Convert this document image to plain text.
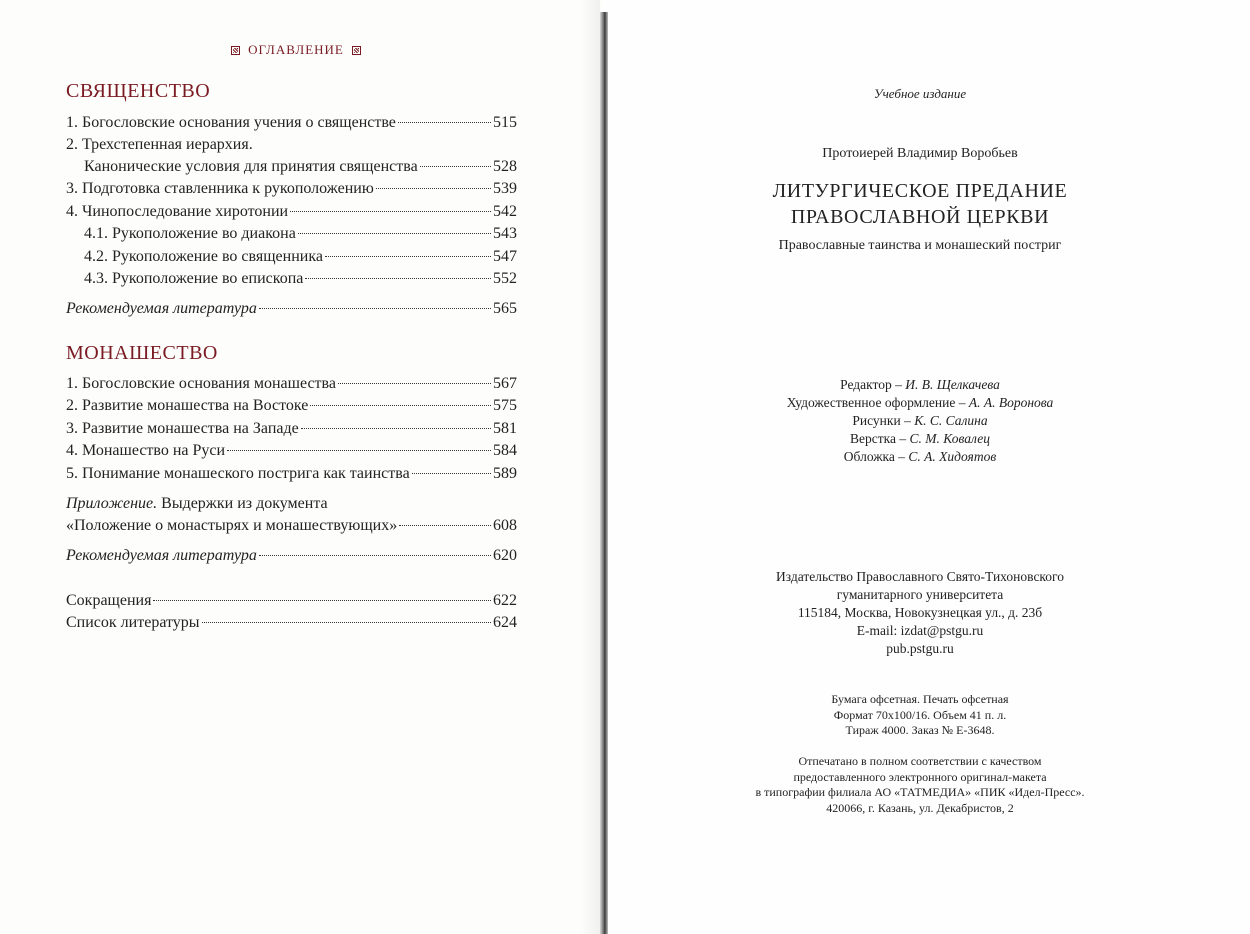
ОГЛАВЛЕНИЕ
СВЯЩЕНСТВО
1. Богословские основания учения о священстве	515
2. Трехстепенная иерархия.
Канонические условия для принятия священства	528
3. Подготовка ставленника к рукоположению	539
4. Чинопоследование хиротонии	542
4.1. Рукоположение во диакона	543
4.2. Рукоположение во священника	547
4.3. Рукоположение во епископа	552
Рекомендуемая литература	565
МОНАШЕСТВО
1. Богословские основания монашества	567
2. Развитие монашества на Востоке	575
3. Развитие монашества на Западе	581
4. Монашество на Руси	584
5. Понимание монашеского пострига как таинства	589
Приложение. Выдержки из документа
«Положение о монастырях и монашествующих»	608
Рекомендуемая литература	620
Сокращения	622
Список литературы	624
Учебное издание
Протоиерей Владимир Воробьев
ЛИТУРГИЧЕСКОЕ ПРЕДАНИЕ
ПРАВОСЛАВНОЙ ЦЕРКВИ
Православные таинства и монашеский постриг
Редактор – И. В. Щелкачева
Художественное оформление – А. А. Воронова
Рисунки – К. С. Салина
Верстка – С. М. Ковалец
Обложка – С. А. Хидоятов
Издательство Православного Свято-Тихоновского
гуманитарного университета
115184, Москва, Новокузнецкая ул., д. 23б
E-mail: izdat@pstgu.ru
pub.pstgu.ru
Бумага офсетная. Печать офсетная
Формат 70x100/16. Объем 41 п. л.
Тираж 4000. Заказ № Е-3648.
Отпечатано в полном соответствии с качеством
предоставленного электронного оригинал-макета
в типографии филиала АО «ТАТМЕДИА» «ПИК «Идел-Пресс».
420066, г. Казань, ул. Декабристов, 2
